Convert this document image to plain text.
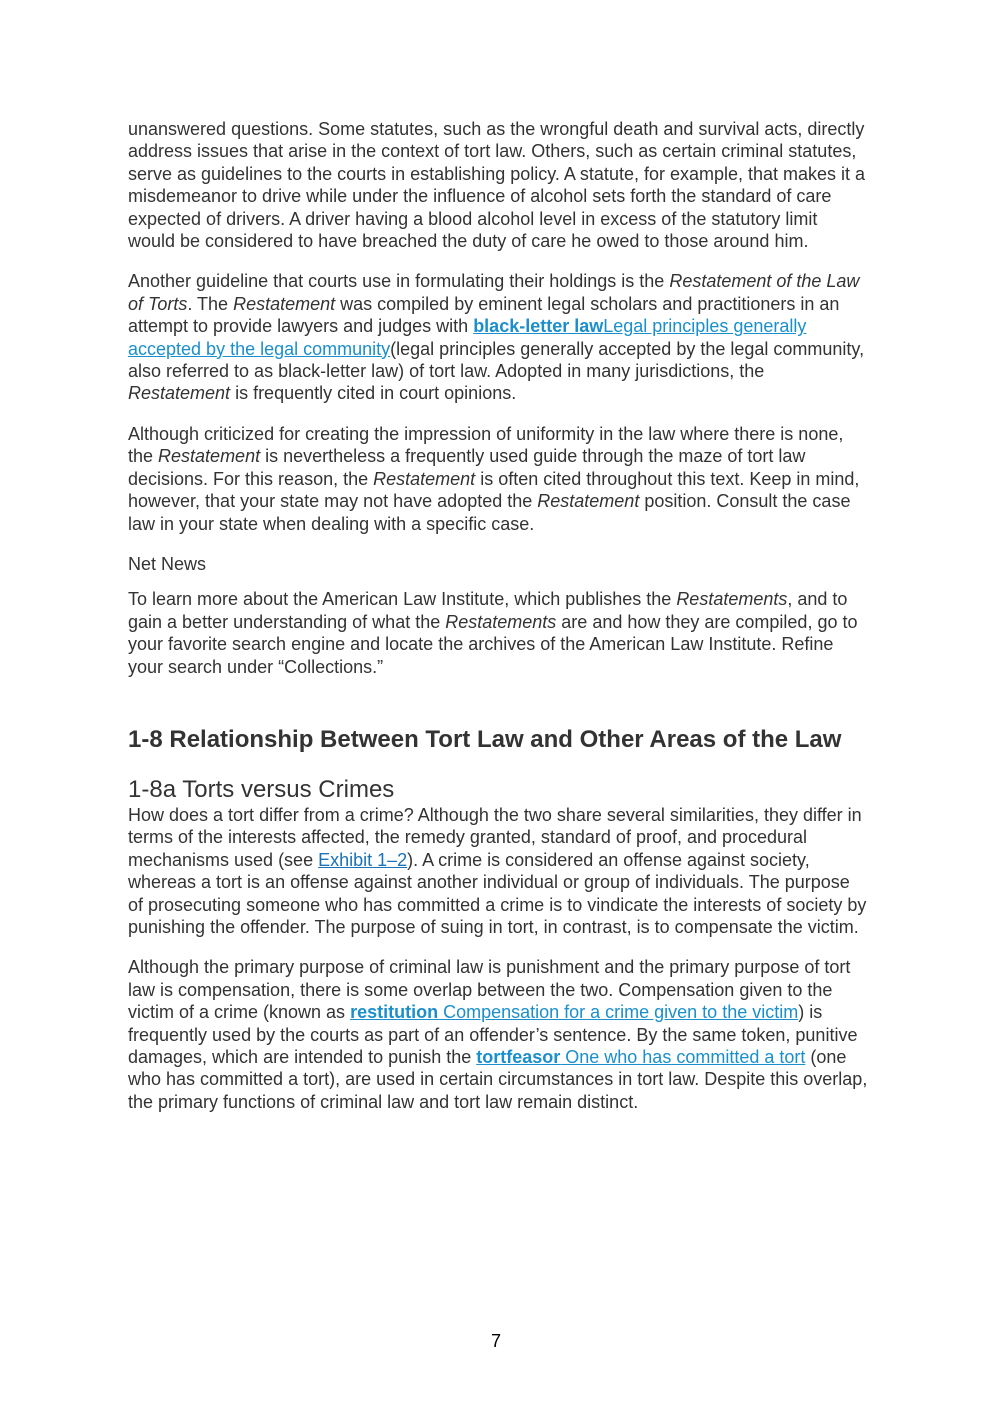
unanswered questions. Some statutes, such as the wrongful death and survival acts, directly address issues that arise in the context of tort law. Others, such as certain criminal statutes, serve as guidelines to the courts in establishing policy. A statute, for example, that makes it a misdemeanor to drive while under the influence of alcohol sets forth the standard of care expected of drivers. A driver having a blood alcohol level in excess of the statutory limit would be considered to have breached the duty of care he owed to those around him.

Another guideline that courts use in formulating their holdings is the Restatement of the Law of Torts. The Restatement was compiled by eminent legal scholars and practitioners in an attempt to provide lawyers and judges with black-letter lawLegal principles generally accepted by the legal community(legal principles generally accepted by the legal community, also referred to as black-letter law) of tort law. Adopted in many jurisdictions, the Restatement is frequently cited in court opinions.

Although criticized for creating the impression of uniformity in the law where there is none, the Restatement is nevertheless a frequently used guide through the maze of tort law decisions. For this reason, the Restatement is often cited throughout this text. Keep in mind, however, that your state may not have adopted the Restatement position. Consult the case law in your state when dealing with a specific case.

Net News

To learn more about the American Law Institute, which publishes the Restatements, and to gain a better understanding of what the Restatements are and how they are compiled, go to your favorite search engine and locate the archives of the American Law Institute. Refine your search under “Collections.”

1-8 Relationship Between Tort Law and Other Areas of the Law
1-8a Torts versus Crimes

How does a tort differ from a crime? Although the two share several similarities, they differ in terms of the interests affected, the remedy granted, standard of proof, and procedural mechanisms used (see Exhibit 1–2). A crime is considered an offense against society, whereas a tort is an offense against another individual or group of individuals. The purpose of prosecuting someone who has committed a crime is to vindicate the interests of society by punishing the offender. The purpose of suing in tort, in contrast, is to compensate the victim.

Although the primary purpose of criminal law is punishment and the primary purpose of tort law is compensation, there is some overlap between the two. Compensation given to the victim of a crime (known as restitution Compensation for a crime given to the victim) is frequently used by the courts as part of an offender’s sentence. By the same token, punitive damages, which are intended to punish the tortfeasor One who has committed a tort (one who has committed a tort), are used in certain circumstances in tort law. Despite this overlap, the primary functions of criminal law and tort law remain distinct.

7
